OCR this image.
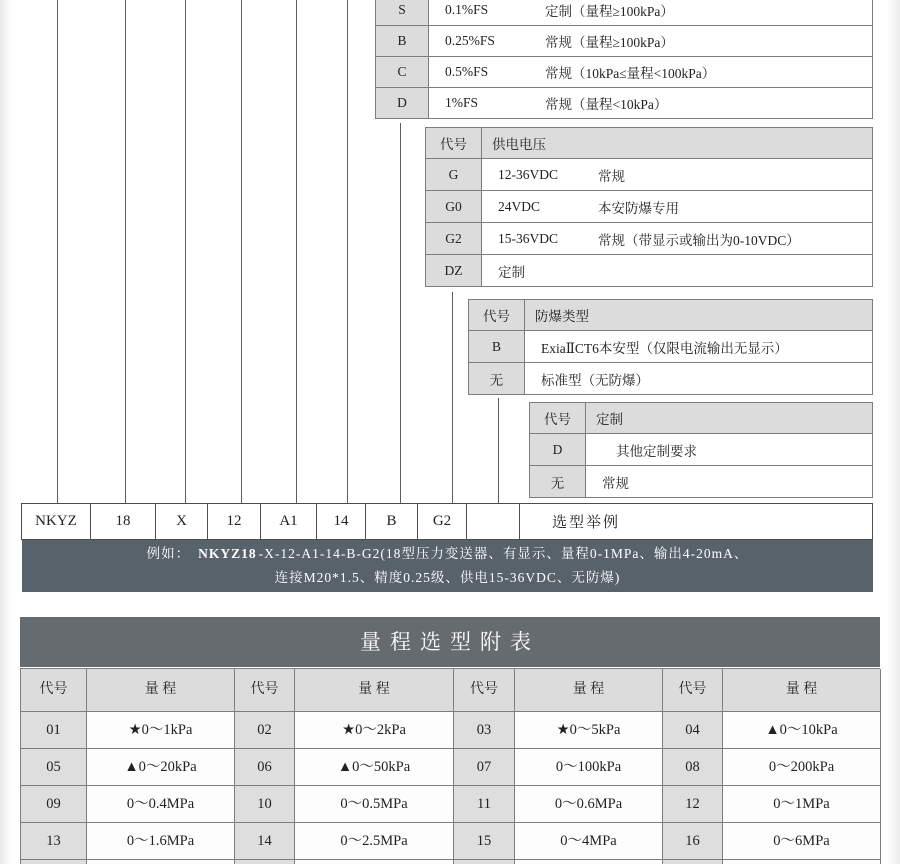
S	0.1%FS	定制（量程≥100kPa）
B	0.25%FS	常规（量程≥100kPa）
C	0.5%FS	常规（10kPa≤量程<100kPa）
D	1%FS	常规（量程<10kPa）
代号	供电电压
G	12-36VDC	常规
G0	24VDC	本安防爆专用
G2	15-36VDC	常规（带显示或输出为0-10VDC）
DZ	定制
代号	防爆类型
B	ExiaⅡCT6本安型（仅限电流输出无显示）
无	标准型（无防爆）
代号	定制
D	其他定制要求
无	常规
NKYZ	18	X	12	A1	14	B	G2	选型举例
例如： NKYZ18 -X-12-A1-14-B-G2(18型压力变送器、有显示、量程0-1MPa、输出4-20mA、
连接M20*1.5、精度0.25级、供电15-36VDC、无防爆)
量程选型附表
代号	量 程	代号	量 程	代号	量 程	代号	量 程
01	★0～1kPa	02	★0～2kPa	03	★0～5kPa	04	▲0～10kPa
05	▲0～20kPa	06	▲0～50kPa	07	0～100kPa	08	0～200kPa
09	0～0.4MPa	10	0～0.5MPa	11	0～0.6MPa	12	0～1MPa
13	0～1.6MPa	14	0～2.5MPa	15	0～4MPa	16	0～6MPa
